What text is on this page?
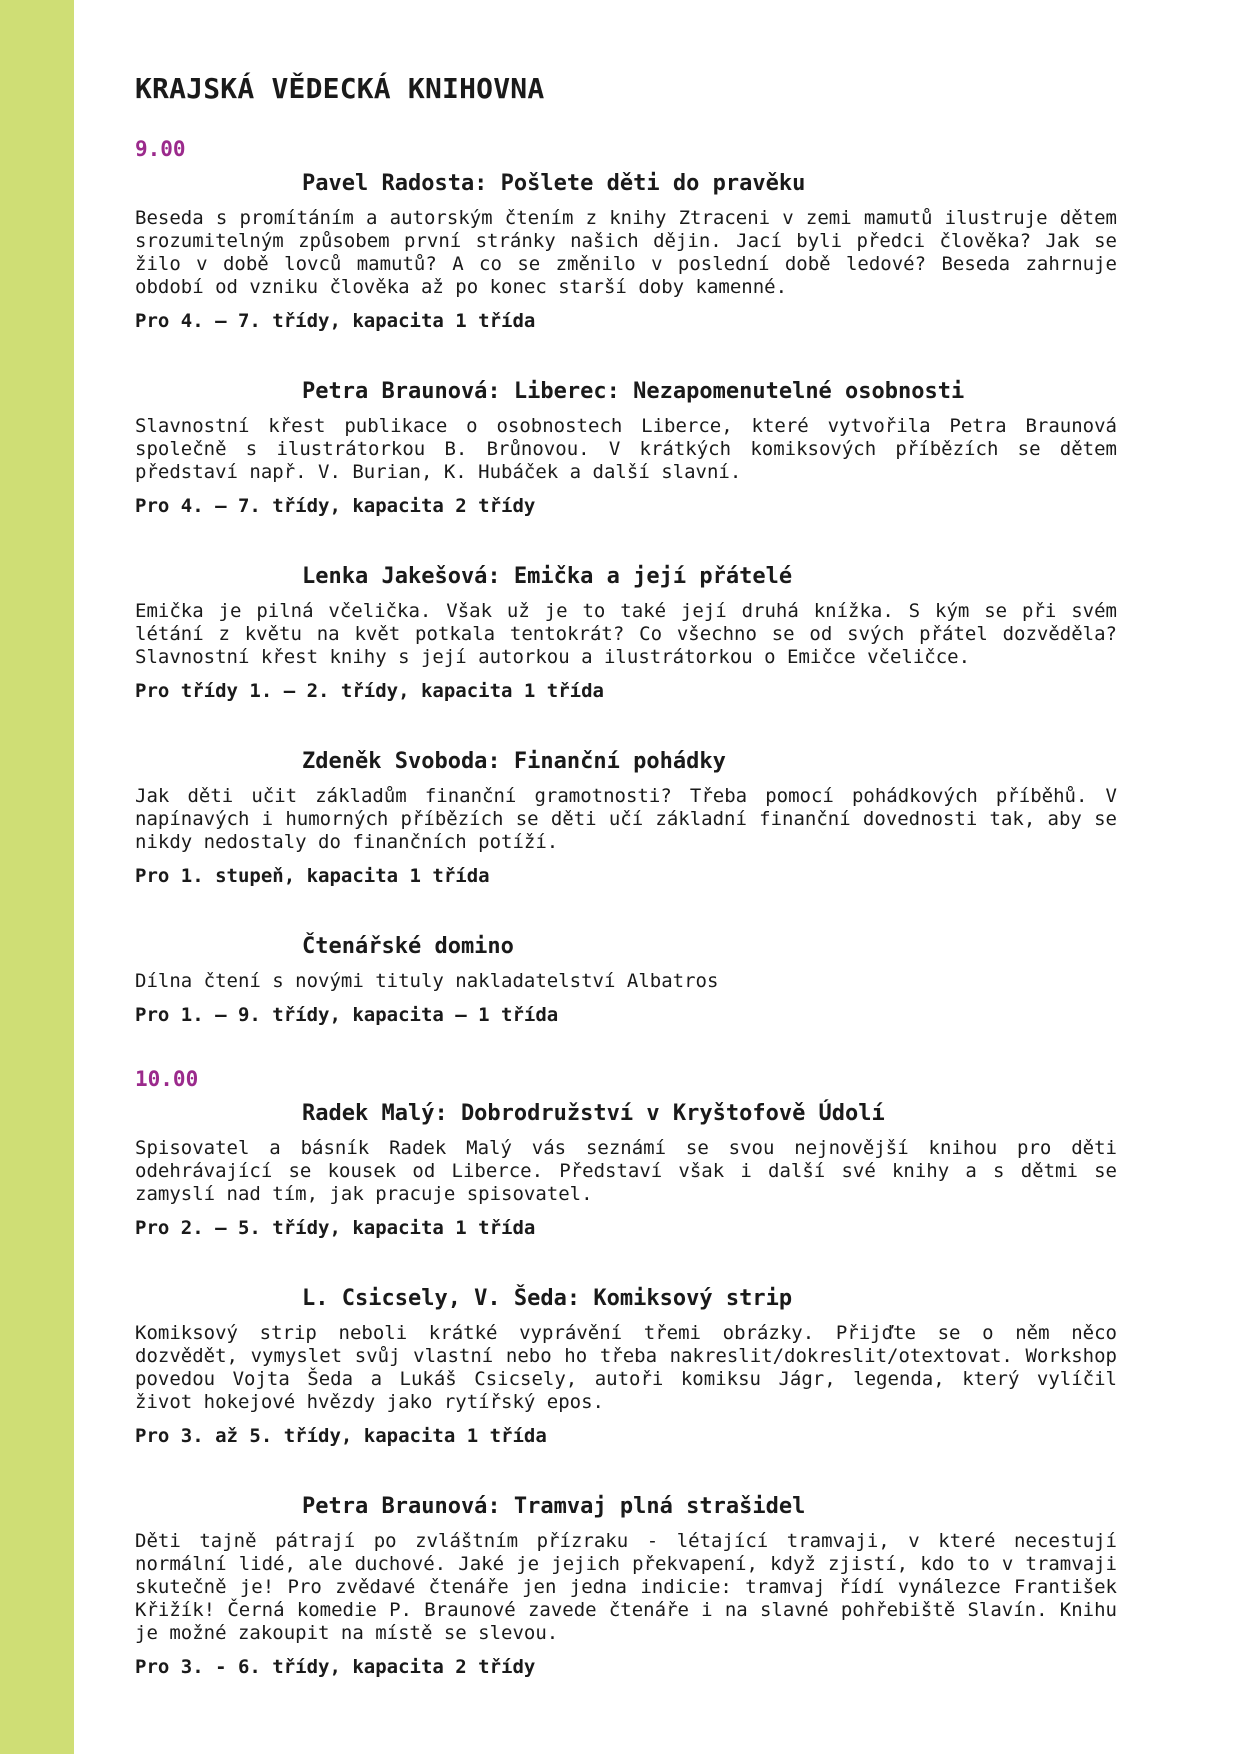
KRAJSKÁ VĚDECKÁ KNIHOVNA

9.00

Pavel Radosta: Pošlete děti do pravěku

Beseda s promítáním a autorským čtením z knihy Ztraceni v zemi mamutů ilustruje dětem srozumitelným způsobem první stránky našich dějin. Jací byli předci člověka? Jak se žilo v době lovců mamutů? A co se změnilo v poslední době ledové? Beseda zahrnuje období od vzniku člověka až po konec starší doby kamenné.

Pro 4. – 7. třídy, kapacita 1 třída

Petra Braunová: Liberec: Nezapomenutelné osobnosti

Slavnostní křest publikace o osobnostech Liberce, které vytvořila Petra Braunová společně s ilustrátorkou B. Brůnovou. V krátkých komiksových příbězích se dětem představí např. V. Burian, K. Hubáček a další slavní.

Pro 4. – 7. třídy, kapacita 2 třídy

Lenka Jakešová: Emička a její přátelé

Emička je pilná včelička. Však už je to také její druhá knížka. S kým se při svém létání z květu na květ potkala tentokrát? Co všechno se od svých přátel dozvěděla? Slavnostní křest knihy s její autorkou a ilustrátorkou o Emičce včeličce.

Pro třídy 1. – 2. třídy, kapacita 1 třída

Zdeněk Svoboda: Finanční pohádky

Jak děti učit základům finanční gramotnosti? Třeba pomocí pohádkových příběhů. V napínavých i humorných příbězích se děti učí základní finanční dovednosti tak, aby se nikdy nedostaly do finančních potíží.

Pro 1. stupeň, kapacita 1 třída

Čtenářské domino

Dílna čtení s novými tituly nakladatelství Albatros

Pro 1. – 9. třídy, kapacita – 1 třída

10.00

Radek Malý: Dobrodružství v Kryštofově Údolí

Spisovatel a básník Radek Malý vás seznámí se svou nejnovější knihou pro děti odehrávající se kousek od Liberce. Představí však i další své knihy a s dětmi se zamyslí nad tím, jak pracuje spisovatel.

Pro 2. – 5. třídy, kapacita 1 třída

L. Csicsely, V. Šeda: Komiksový strip

Komiksový strip neboli krátké vyprávění třemi obrázky. Přijďte se o něm něco dozvědět, vymyslet svůj vlastní nebo ho třeba nakreslit/dokreslit/otextovat. Workshop povedou Vojta Šeda a Lukáš Csicsely, autoři komiksu Jágr, legenda, který vylíčil život hokejové hvězdy jako rytířský epos.

Pro 3. až 5. třídy, kapacita 1 třída

Petra Braunová: Tramvaj plná strašidel

Děti tajně pátrají po zvláštním přízraku - létající tramvaji, v které necestují normální lidé, ale duchové. Jaké je jejich překvapení, když zjistí, kdo to v tramvaji skutečně je! Pro zvědavé čtenáře jen jedna indicie: tramvaj řídí vynálezce František Křižík! Černá komedie P. Braunové zavede čtenáře i na slavné pohřebiště Slavín. Knihu je možné zakoupit na místě se slevou.

Pro 3. - 6. třídy, kapacita 2 třídy
